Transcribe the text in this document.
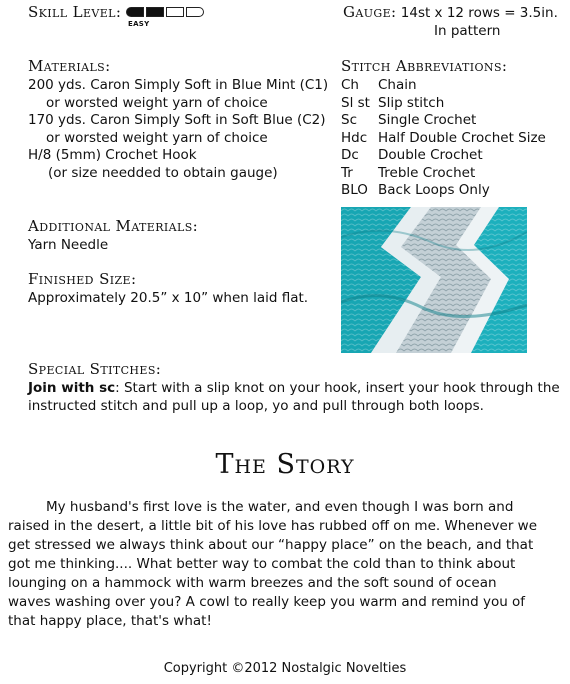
Skill Level:
EASY
Gauge: 14st x 12 rows = 3.5in.
In pattern
Materials:
200 yds. Caron Simply Soft in Blue Mint (C1)
or worsted weight yarn of choice
170 yds. Caron Simply Soft in Soft Blue (C2)
or worsted weight yarn of choice
H/8 (5mm) Crochet Hook
(or size needded to obtain gauge)
Stitch Abbreviations:
Ch	Chain
Sl st Slip stitch
Sc	Single Crochet
Hdc Half Double Crochet Size
Dc	Double Crochet
Tr	Treble Crochet
BLO Back Loops Only
Additional Materials:
Yarn Needle
Finished Size:
Approximately 20.5” x 10” when laid flat.
Special Stitches:
Join with sc: Start with a slip knot on your hook, insert your hook through the
instructed stitch and pull up a loop, yo and pull through both loops.
The Story
My husband's first love is the water, and even though I was born and
raised in the desert, a little bit of his love has rubbed off on me. Whenever we
get stressed we always think about our “happy place” on the beach, and that
got me thinking.... What better way to combat the cold than to think about
lounging on a hammock with warm breezes and the soft sound of ocean
waves washing over you? A cowl to really keep you warm and remind you of
that happy place, that's what!
Copyright ©2012 Nostalgic Novelties
